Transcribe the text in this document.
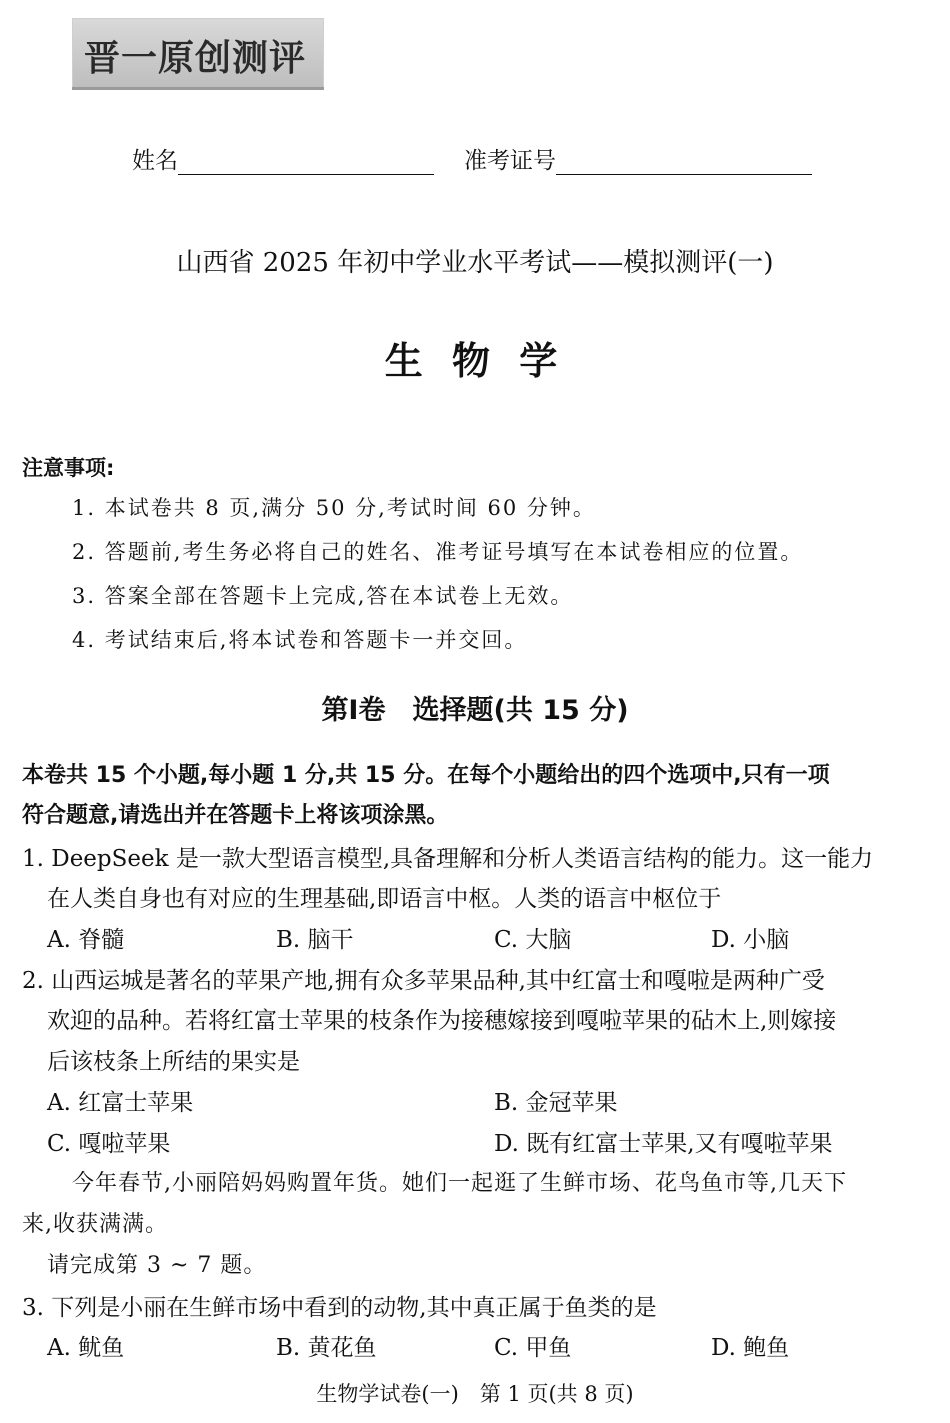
晋一原创测评
姓名	准考证号
山西省 2025 年初中学业水平考试——模拟测评(一)
生 物 学
注意事项:
1. 本试卷共 8 页,满分 50 分,考试时间 60 分钟。
2. 答题前,考生务必将自己的姓名、准考证号填写在本试卷相应的位置。
3. 答案全部在答题卡上完成,答在本试卷上无效。
4. 考试结束后,将本试卷和答题卡一并交回。
第Ⅰ卷　选择题(共 15 分)
本卷共 15 个小题,每小题 1 分,共 15 分。在每个小题给出的四个选项中,只有一项
符合题意,请选出并在答题卡上将该项涂黑。
1. DeepSeek 是一款大型语言模型,具备理解和分析人类语言结构的能力。这一能力
在人类自身也有对应的生理基础,即语言中枢。人类的语言中枢位于
A. 脊髓	B. 脑干	C. 大脑	D. 小脑
2. 山西运城是著名的苹果产地,拥有众多苹果品种,其中红富士和嘎啦是两种广受
欢迎的品种。若将红富士苹果的枝条作为接穗嫁接到嘎啦苹果的砧木上,则嫁接
后该枝条上所结的果实是
A. 红富士苹果	B. 金冠苹果
C. 嘎啦苹果	D. 既有红富士苹果,又有嘎啦苹果
今年春节,小丽陪妈妈购置年货。她们一起逛了生鲜市场、花鸟鱼市等,几天下
来,收获满满。
请完成第 3 ~ 7 题。
3. 下列是小丽在生鲜市场中看到的动物,其中真正属于鱼类的是
A. 鱿鱼	B. 黄花鱼	C. 甲鱼	D. 鲍鱼
生物学试卷(一)　第 1 页(共 8 页)
